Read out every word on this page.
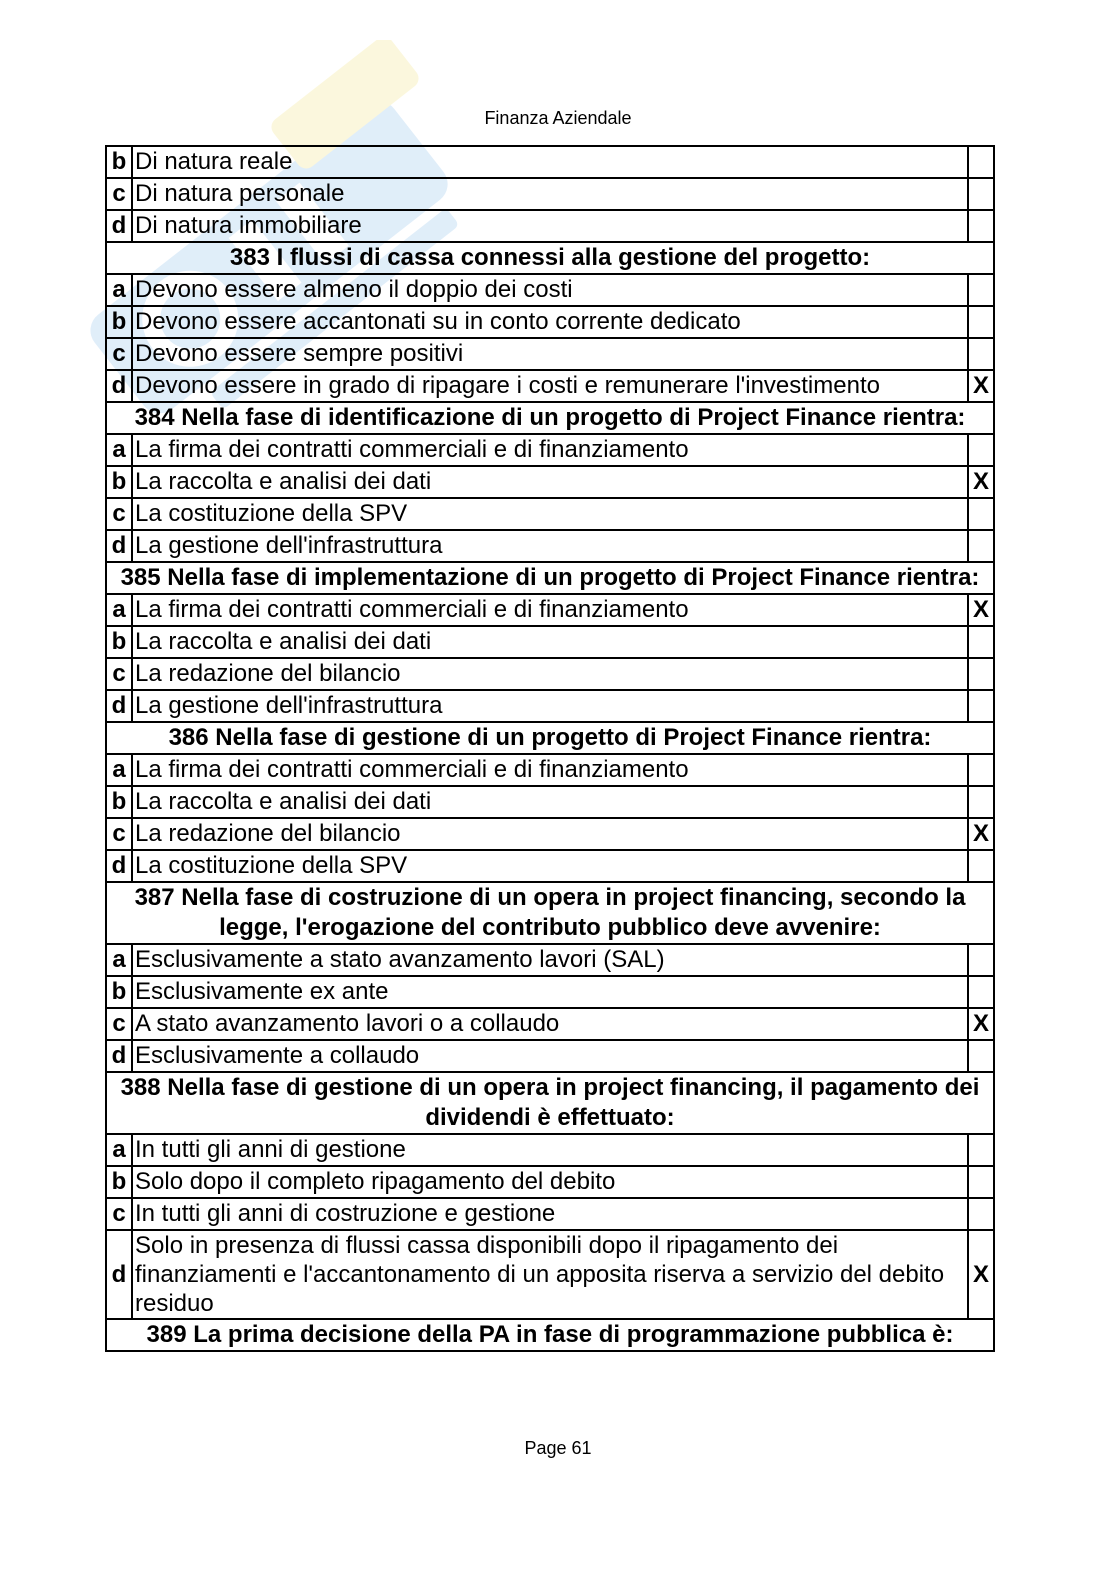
Finanza Aziendale
b	Di natura reale	
c	Di natura personale	
d	Di natura immobiliare	
383 I flussi di cassa connessi alla gestione del progetto:		
a	Devono essere almeno il doppio dei costi	
b	Devono essere accantonati su in conto corrente dedicato	
c	Devono essere sempre positivi	
d	Devono essere in grado di ripagare i costi e remunerare l'investimento	X
384 Nella fase di identificazione di un progetto di Project Finance rientra:		
a	La firma dei contratti commerciali e di finanziamento	
b	La raccolta e analisi dei dati	X
c	La costituzione della SPV	
d	La gestione dell'infrastruttura	
385 Nella fase di implementazione di un progetto di Project Finance rientra:		
a	La firma dei contratti commerciali e di finanziamento	X
b	La raccolta e analisi dei dati	
c	La redazione del bilancio	
d	La gestione dell'infrastruttura	
386 Nella fase di gestione di un progetto di Project Finance rientra:		
a	La firma dei contratti commerciali e di finanziamento	
b	La raccolta e analisi dei dati	
c	La redazione del bilancio	X
d	La costituzione della SPV	
387 Nella fase di costruzione di un opera in project financing, secondo la legge, l'erogazione del contributo pubblico deve avvenire:		
a	Esclusivamente a stato avanzamento lavori (SAL)	
b	Esclusivamente ex ante	
c	A stato avanzamento lavori o a collaudo	X
d	Esclusivamente a collaudo	
388 Nella fase di gestione di un opera in project financing, il pagamento dei dividendi è effettuato:		
a	In tutti gli anni di gestione	
b	Solo dopo il completo ripagamento del debito	
c	In tutti gli anni di costruzione e gestione	
d	Solo in presenza di flussi cassa disponibili dopo il ripagamento dei finanziamenti e l'accantonamento di un apposita riserva a servizio del debito residuo	X
389 La prima decisione della PA in fase di programmazione pubblica è:		
Page 61
